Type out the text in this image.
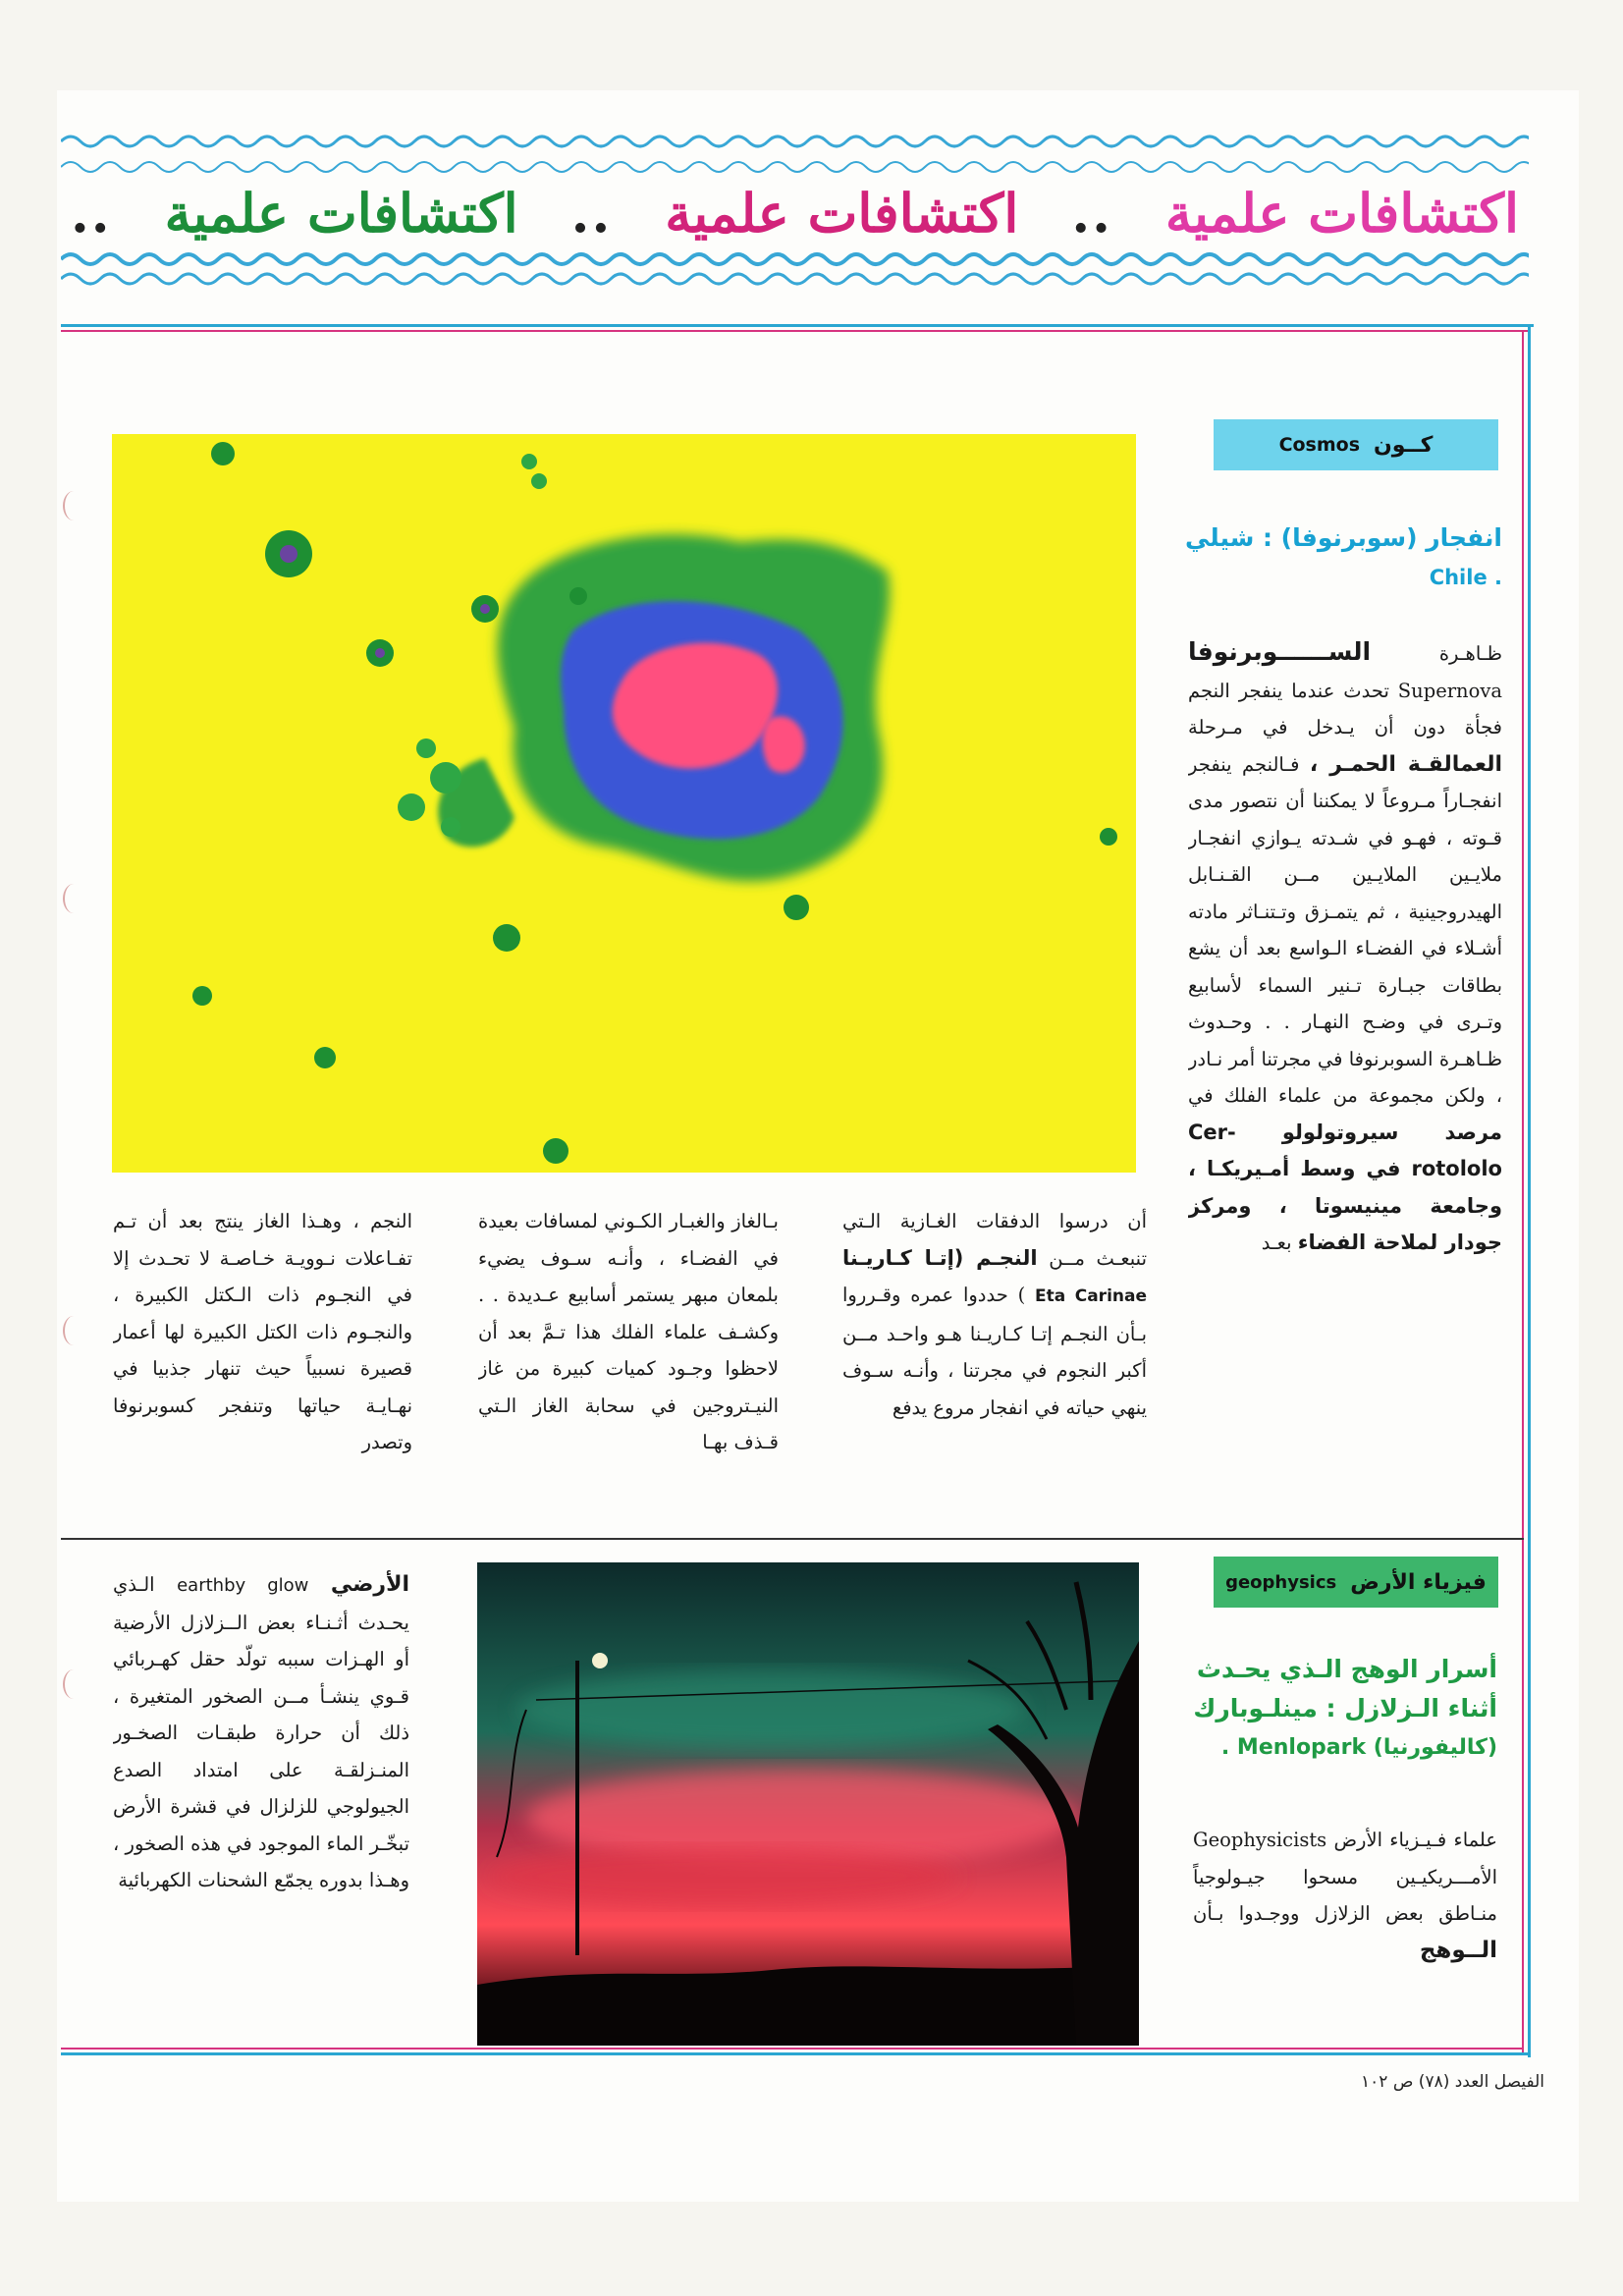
اكتشافات علمية
..
اكتشافات علمية
..
اكتشافات علمية
..
كــون
Cosmos
انفجار (سوبرنوفا) : شيلي
. Chile
ظـاهـرة الســــــوبرنوفا Supernova تحدث عندما ينفجر النجم فجأة دون أن يـدخل في مـرحلة العمالقـة الحمـر ، فـالنجم ينفجر انفجـاراً مـروعاً لا يمكننا أن نتصور مدى قـوته ، فهـو في شـدته يـوازي انفجـار ملايـين الملايـين مــن القـنـابل الهيدروجينية ، ثم يتمـزق وتـتنـاثر مادته أشـلاء في الفضـاء الـواسع بعد أن يشع بطاقات جبـارة تـنير السماء لأسابيع وتـرى في وضـح النهـار . . وحـدوث ظـاهـرة السوبرنوفا في مجرتنا أمر نـادر ، ولكن مجموعة من علماء الفلك في مرصد سيروتولولو Cer- rotololo في وسط أمـيريكـا ، وجامعة مينيسوتا ، ومركز جودار لملاحة الفضاء بعـد
أن درسوا الدفقات الغـازية الـتي تنبعـث مــن النجـم (إتـا كـاريـنا Eta Carinae ) حددوا عمره وقـرروا بـأن النجـم إتـا كـاريـنا هـو واحـد مــن أكبر النجوم في مجرتنا ، وأنـه سـوف ينهي حياته في انفجار مروع يدفع
بـالغاز والغبـار الكـوني لمسافات بعيدة في الفضـاء ، وأنـه سـوف يضيء بلمعان مبهر يستمر أسابيع عـديدة . . وكشـف علماء الفلك هذا تـمَّ بعد أن لاحظوا وجـود كميات كبيرة من غاز النيـتروجين في سحابة الغاز الـتي قـذف بهـا
النجم ، وهـذا الغاز ينتج بعد أن تـم تفـاعلات نـوويـة خـاصـة لا تحـدث إلا في النجـوم ذات الـكتل الكبيرة ، والنجـوم ذات الكتل الكبيرة لها أعمار قصيرة نسبياً حيث تنهار جذبيا في نهـايـة حياتها وتنفجر كسوبرنوفا وتصدر
فيزياء الأرض
geophysics
أسرار الوهج الـذي يحـدث
أثناء الـزلازل : مينلـوبارك
(كاليفورنيا) Menlopark .
علماء فـيـزياء الأرض Geophysicists الأمـــريكيـين مسحوا جيـولوجياً منـاطق بعض الزلازل ووجـدوا بـأن الــوهج
الأرضي earthby glow الـذي يحـدث أثـنـاء بعض الــزلازل الأرضية أو الهـزات سببه تولّد حقل كهـربائي قـوي ينشـأ مــن الصخور المتغيرة ، ذلك أن حرارة طبقـات الصخـور المنـزلقـة على امتداد الصدع الجيولوجي للزلزال في قشرة الأرض تبخّـر الماء الموجود في هذه الصخور ، وهـذا بدوره يجمّع الشحنات الكهربائية
الفيصل العدد (٧٨) ص ١٠٢
